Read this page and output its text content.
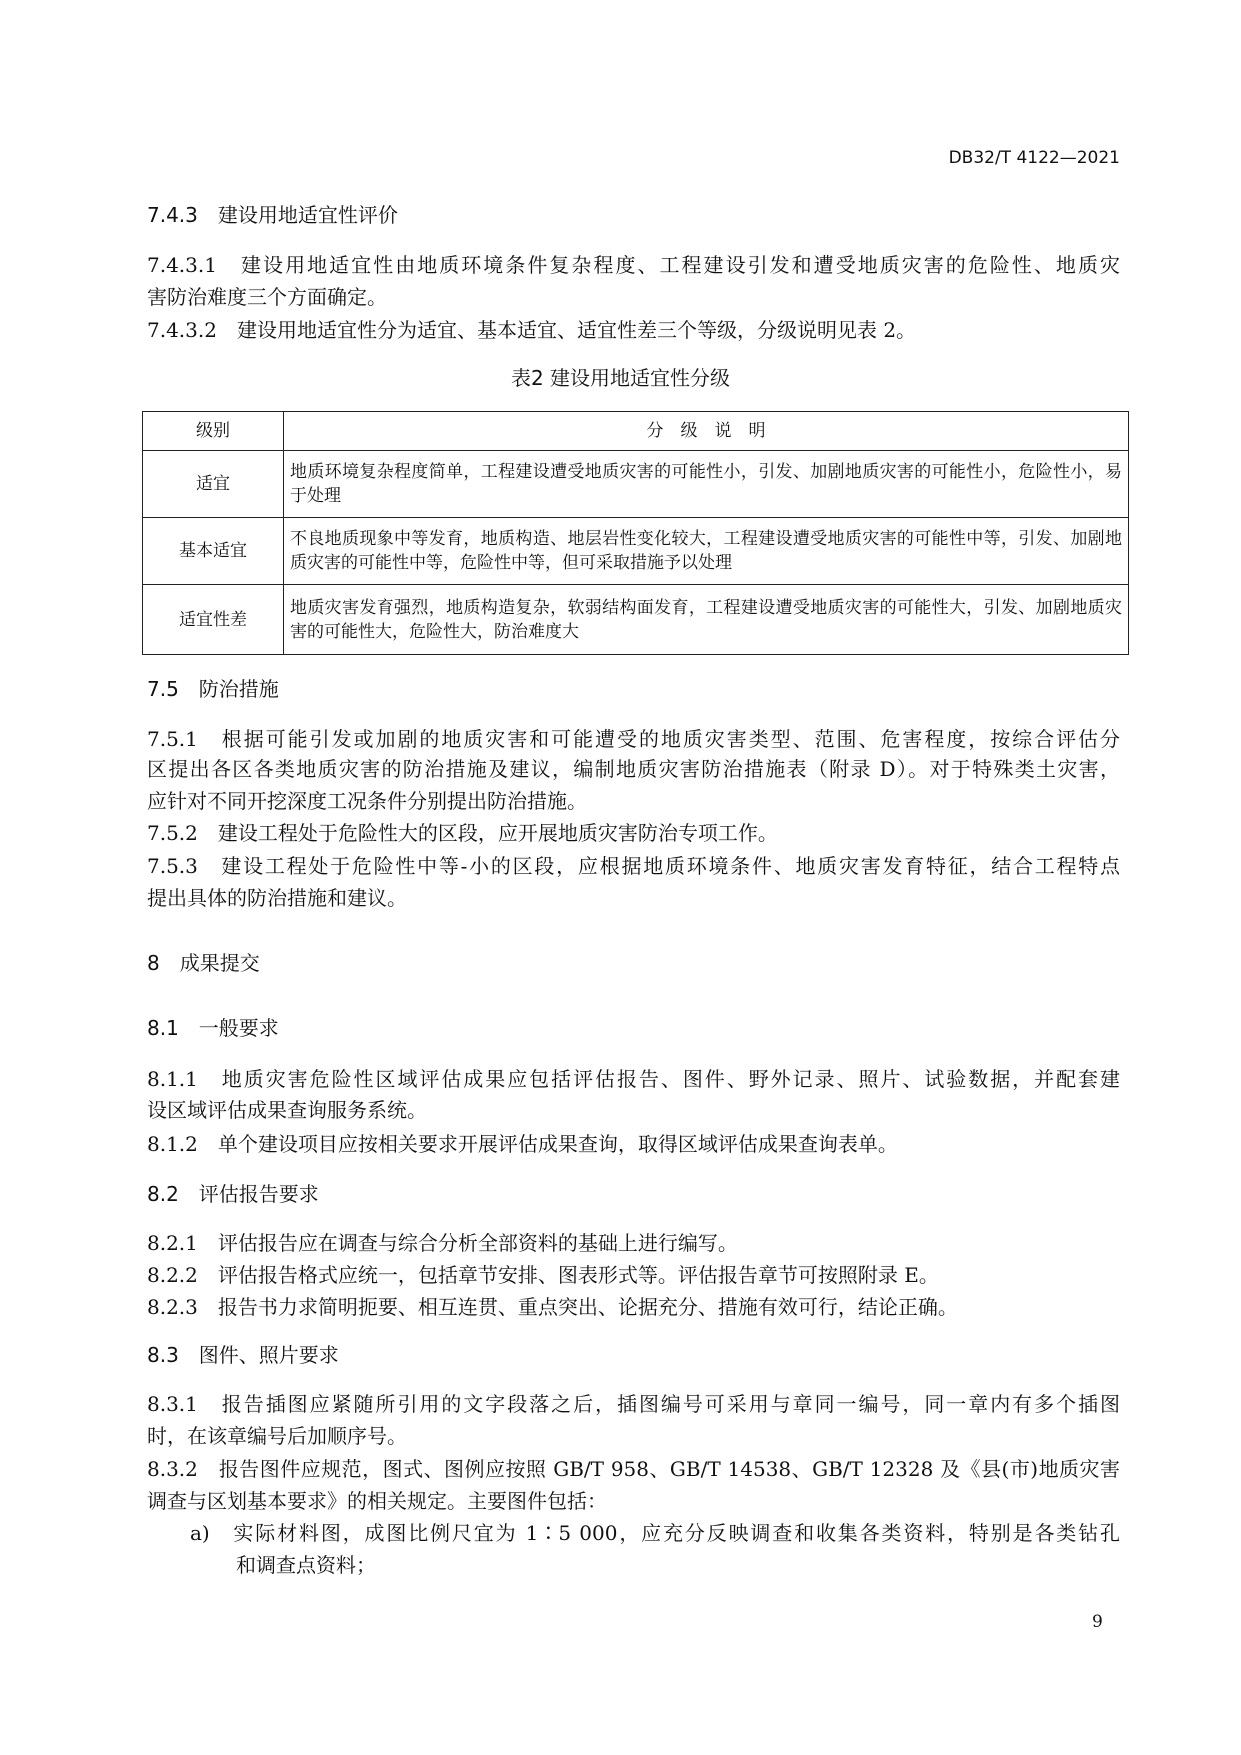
DB32/T 4122—2021
表2 建设用地适宜性分级
级别	分　级　说　明
适宜	地质环境复杂程度简单，工程建设遭受地质灾害的可能性小，引发、加剧地质灾害的可能性小，危险性小，易于处理
基本适宜	不良地质现象中等发育，地质构造、地层岩性变化较大，工程建设遭受地质灾害的可能性中等，引发、加剧地质灾害的可能性中等，危险性中等，但可采取措施予以处理
适宜性差	地质灾害发育强烈，地质构造复杂，软弱结构面发育，工程建设遭受地质灾害的可能性大，引发、加剧地质灾害的可能性大，危险性大，防治难度大
7.4.3　建设用地适宜性评价
7.4.3.1　建设用地适宜性由地质环境条件复杂程度、工程建设引发和遭受地质灾害的危险性、地质灾
害防治难度三个方面确定。
7.4.3.2　建设用地适宜性分为适宜、基本适宜、适宜性差三个等级，分级说明见表 2。
7.5　防治措施
7.5.1　根据可能引发或加剧的地质灾害和可能遭受的地质灾害类型、范围、危害程度，按综合评估分
区提出各区各类地质灾害的防治措施及建议，编制地质灾害防治措施表（附录 D）。对于特殊类土灾害，
应针对不同开挖深度工况条件分别提出防治措施。
7.5.2　建设工程处于危险性大的区段，应开展地质灾害防治专项工作。
7.5.3　建设工程处于危险性中等-小的区段，应根据地质环境条件、地质灾害发育特征，结合工程特点
提出具体的防治措施和建议。
8　成果提交
8.1　一般要求
8.1.1　地质灾害危险性区域评估成果应包括评估报告、图件、野外记录、照片、试验数据，并配套建
设区域评估成果查询服务系统。
8.1.2　单个建设项目应按相关要求开展评估成果查询，取得区域评估成果查询表单。
8.2　评估报告要求
8.2.1　评估报告应在调查与综合分析全部资料的基础上进行编写。
8.2.2　评估报告格式应统一，包括章节安排、图表形式等。评估报告章节可按照附录 E。
8.2.3　报告书力求简明扼要、相互连贯、重点突出、论据充分、措施有效可行，结论正确。
8.3　图件、照片要求
8.3.1　报告插图应紧随所引用的文字段落之后，插图编号可采用与章同一编号，同一章内有多个插图
时，在该章编号后加顺序号。
8.3.2　报告图件应规范，图式、图例应按照 GB/T 958、GB/T 14538、GB/T 12328 及《县(市)地质灾害
调查与区划基本要求》的相关规定。主要图件包括：
a)　实际材料图，成图比例尺宜为 1∶5 000，应充分反映调查和收集各类资料，特别是各类钻孔
和调查点资料；
9
